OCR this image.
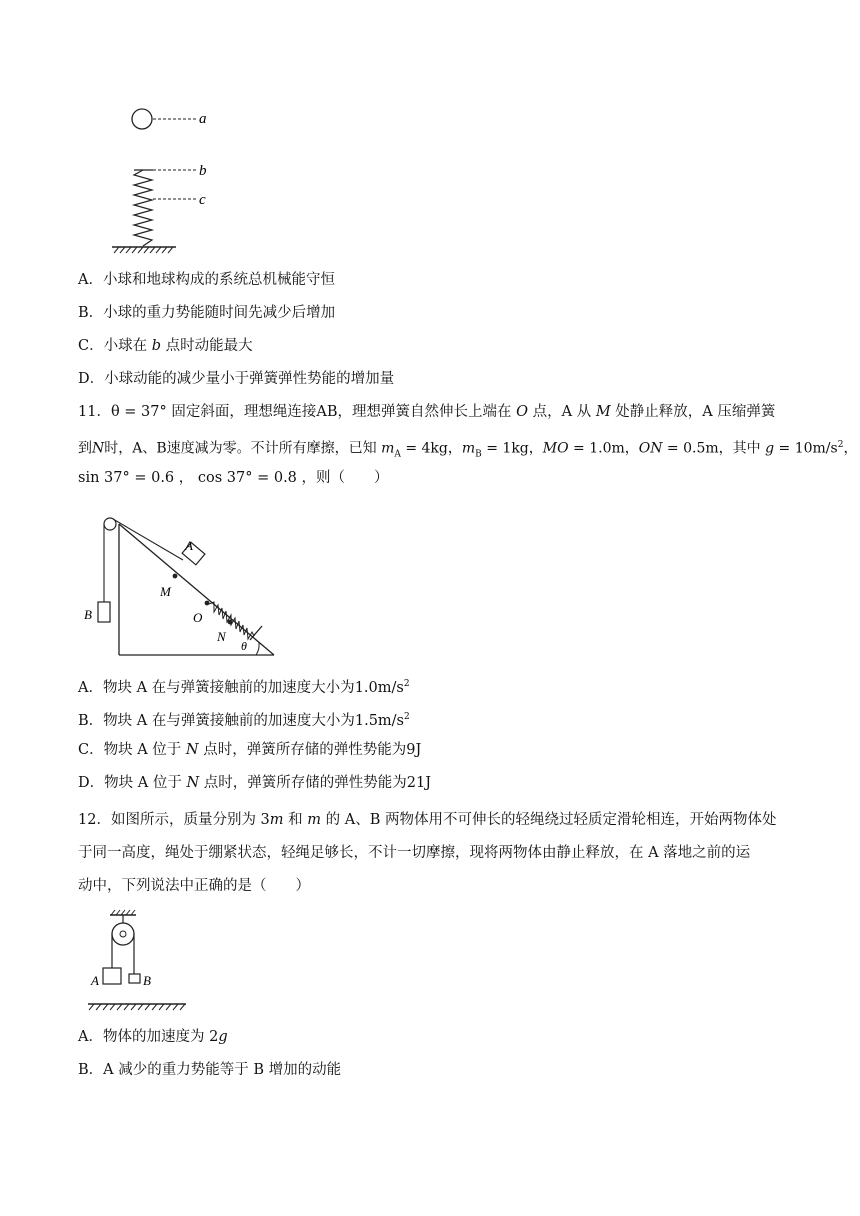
a
b
c
A．小球和地球构成的系统总机械能守恒
B．小球的重力势能随时间先减少后增加
C．小球在 b 点时动能最大
D．小球动能的减少量小于弹簧弹性势能的增加量
11．θ = 37° 固定斜面，理想绳连接AB，理想弹簧自然伸长上端在 O 点，A 从 M 处静止释放，A 压缩弹簧
到N时，A、B速度减为零。不计所有摩擦，已知 $m_A = 4kg$，$m_B = 1kg$，MO = 1.0m，ON = 0.5m，其中 $g = 10m/s^2$，
sin 37° = 0.6 ， cos 37° = 0.8 ，则（　　）
B
A
M
O
N
θ
A．物块 A 在与弹簧接触前的加速度大小为$1.0m/s^2$
B．物块 A 在与弹簧接触前的加速度大小为$1.5m/s^2$
C．物块 A 位于 N 点时，弹簧所存储的弹性势能为9J
D．物块 A 位于 N 点时，弹簧所存储的弹性势能为21J
12．如图所示，质量分别为 3m 和 m 的 A、B 两物体用不可伸长的轻绳绕过轻质定滑轮相连，开始两物体处
于同一高度，绳处于绷紧状态，轻绳足够长，不计一切摩擦，现将两物体由静止释放，在 A 落地之前的运
动中，下列说法中正确的是（　　）
A	B
A．物体的加速度为 2g
B．A 减少的重力势能等于 B 增加的动能
